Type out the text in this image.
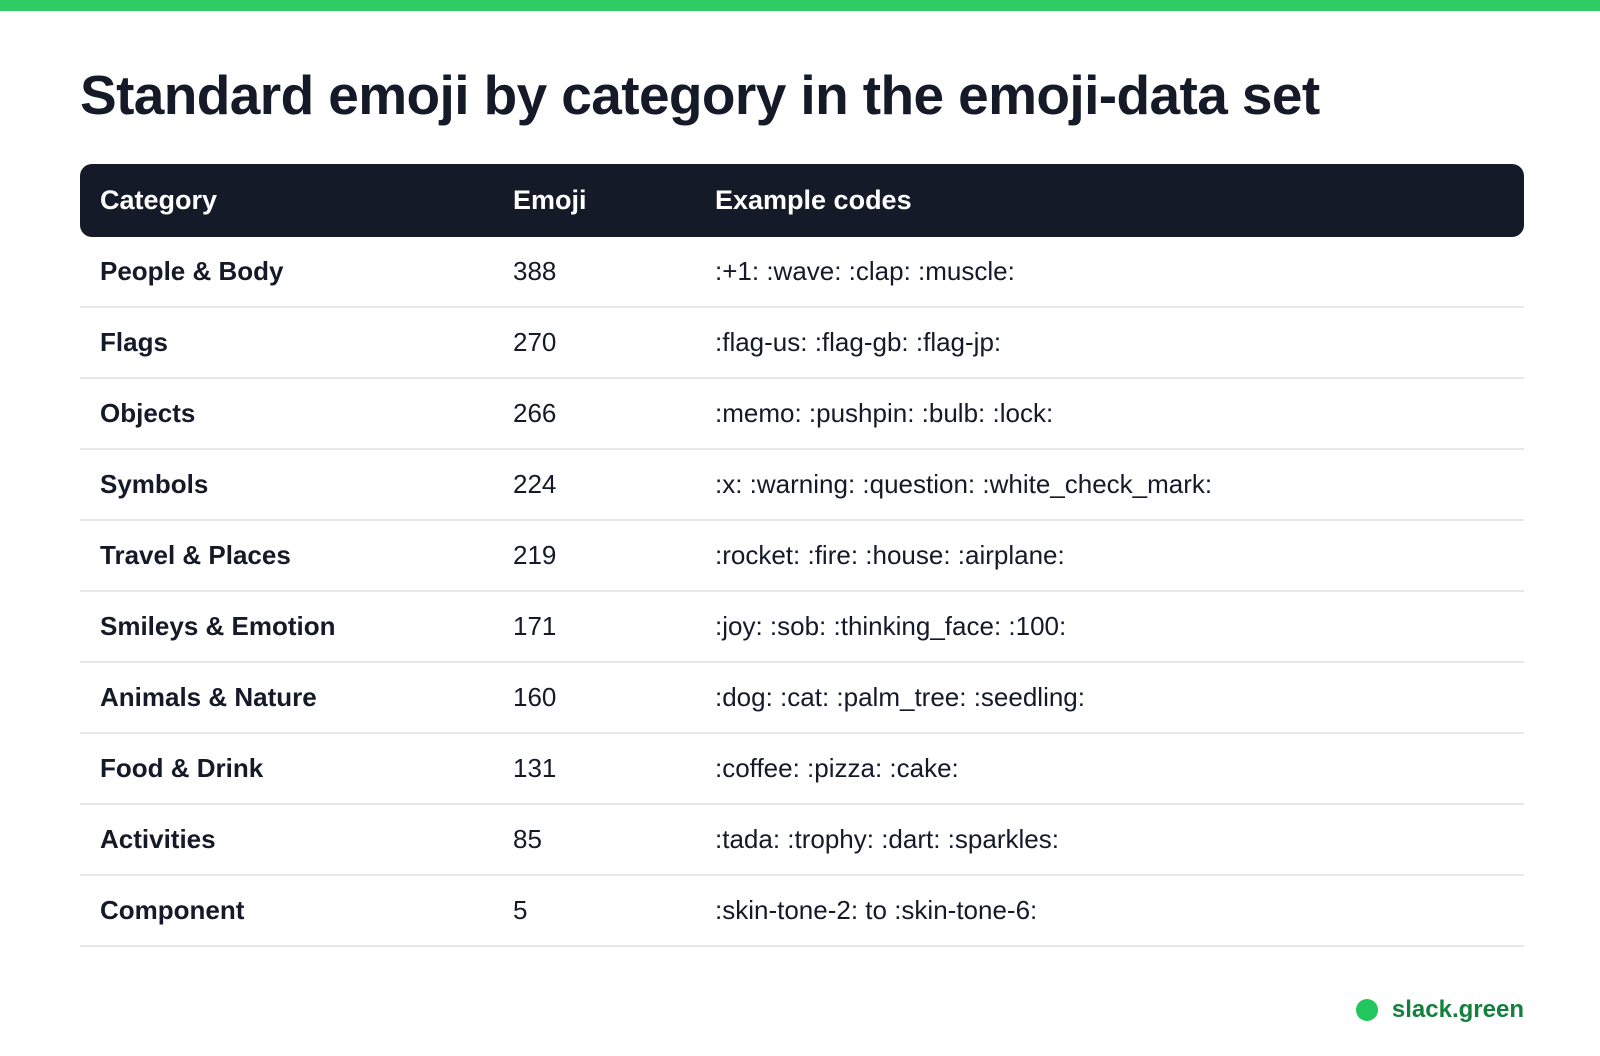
Standard emoji by category in the emoji-data set
Category	Emoji	Example codes
People & Body	388	:+1: :wave: :clap: :muscle:
Flags	270	:flag-us: :flag-gb: :flag-jp:
Objects	266	:memo: :pushpin: :bulb: :lock:
Symbols	224	:x: :warning: :question: :white_check_mark:
Travel & Places	219	:rocket: :fire: :house: :airplane:
Smileys & Emotion	171	:joy: :sob: :thinking_face: :100:
Animals & Nature	160	:dog: :cat: :palm_tree: :seedling:
Food & Drink	131	:coffee: :pizza: :cake:
Activities	85	:tada: :trophy: :dart: :sparkles:
Component	5	:skin-tone-2: to :skin-tone-6:
slack.green
